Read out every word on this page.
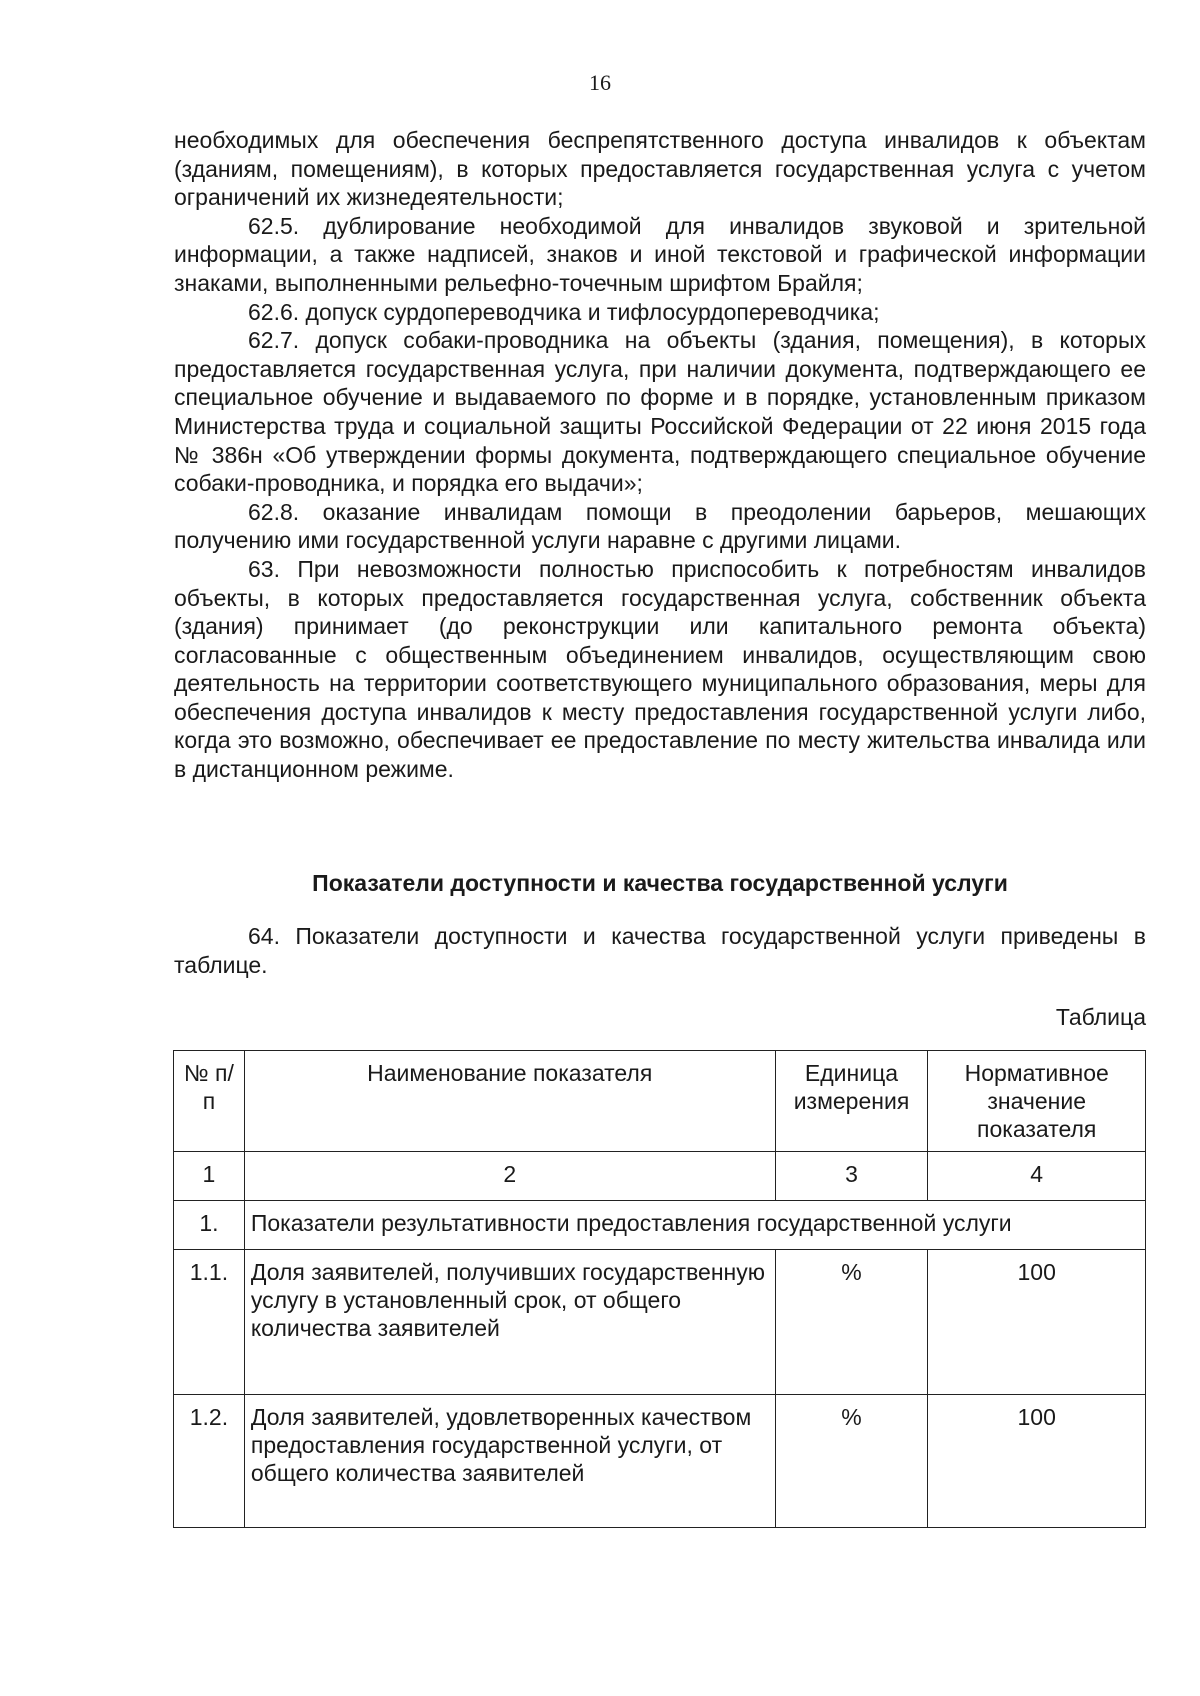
16

необходимых для обеспечения беспрепятственного доступа инвалидов к объектам (зданиям, помещениям), в которых предоставляется государственная услуга с учетом ограничений их жизнедеятельности;

62.5. дублирование необходимой для инвалидов звуковой и зрительной информации, а также надписей, знаков и иной текстовой и графической информации знаками, выполненными рельефно-точечным шрифтом Брайля;

62.6. допуск сурдопереводчика и тифлосурдопереводчика;

62.7. допуск собаки-проводника на объекты (здания, помещения), в которых предоставляется государственная услуга, при наличии документа, подтверждающего ее специальное обучение и выдаваемого по форме и в порядке, установленным приказом Министерства труда и социальной защиты Российской Федерации от 22 июня 2015 года № 386н «Об утверждении формы документа, подтверждающего специальное обучение собаки-проводника, и порядка его выдачи»;

62.8. оказание инвалидам помощи в преодолении барьеров, мешающих получению ими государственной услуги наравне с другими лицами.

63. При невозможности полностью приспособить к потребностям инвалидов объекты, в которых предоставляется государственная услуга, собственник объекта (здания) принимает (до реконструкции или капитального ремонта объекта) согласованные с общественным объединением инвалидов, осуществляющим свою деятельность на территории соответствующего муниципального образования, меры для обеспечения доступа инвалидов к месту предоставления государственной услуги либо, когда это возможно, обеспечивает ее предоставление по месту жительства инвалида или в дистанционном режиме.

Показатели доступности и качества государственной услуги

64. Показатели доступности и качества государственной услуги приведены в таблице.

Таблица
№ п/п	Наименование показателя	Единица измерения	Нормативное значение показателя
1	2	3	4
1.	Показатели результативности предоставления государственной услуги		
1.1.	Доля заявителей, получивших государственную услугу в установленный срок, от общего количества заявителей	%	100
1.2.	Доля заявителей, удовлетворенных качеством предоставления государственной услуги, от общего количества заявителей	%	100
